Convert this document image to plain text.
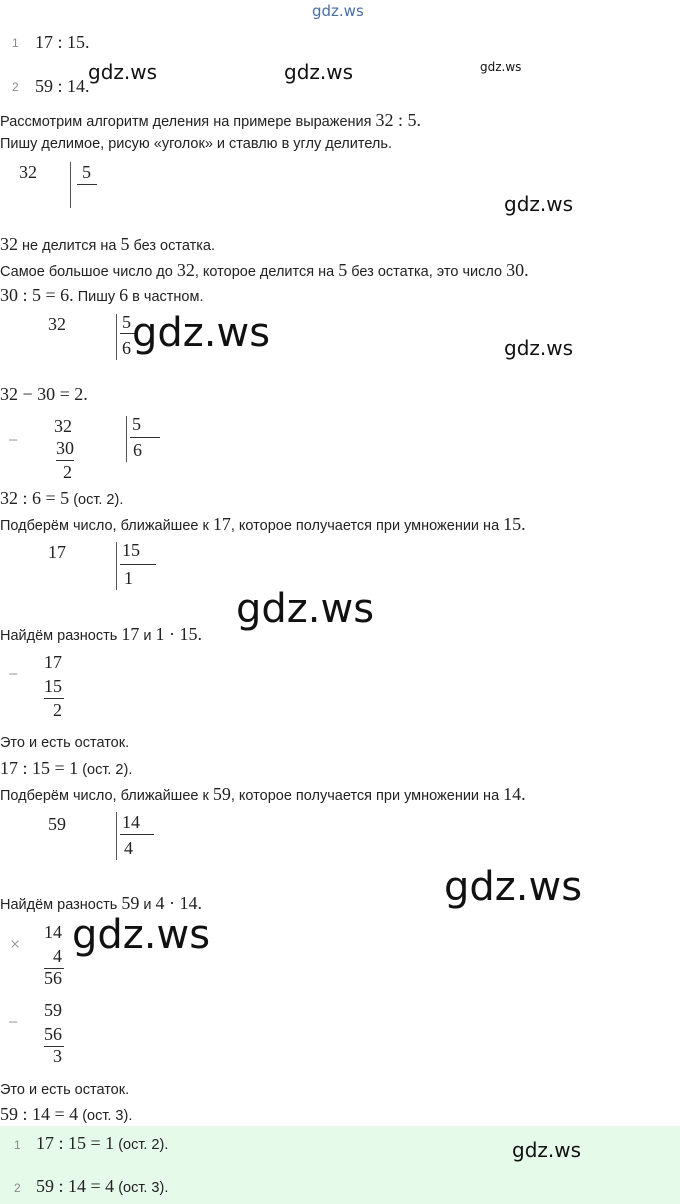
gdz.ws
gdz.ws	gdz.ws	gdz.ws
gdz.ws
gdz.ws
gdz.ws
1 17 : 15.
2 59 : 14.
Рассмотрим алгоритм деления на примере выражения 32 : 5.
Пишу делимое, рисую «уголок» и ставлю в углу делитель.
32	5
32 не делится на 5 без остатка.
Самое большое число до 32, которое делится на 5 без остатка, это число 30.
30 : 5 = 6. Пишу 6 в частном.
32	5
6 gdz.ws
32 − 30 = 2.
−
32
30
2
5
6
32 : 6 = 5 (ост. 2).
Подберём число, ближайшее к 17, которое получается при умножении на 15.
17	15
1
gdz.ws
Найдём разность 17 и 1 · 15.
−
17
15
2
Это и есть остаток.
17 : 15 = 1 (ост. 2).
Подберём число, ближайшее к 59, которое получается при умножении на 14.
59	14
4
gdz.ws
Найдём разность 59 и 4 · 14.
×
14
4
56
gdz.ws
−
59
56
3
Это и есть остаток.
59 : 14 = 4 (ост. 3).
1 17 : 15 = 1 (ост. 2).
2 59 : 14 = 4 (ост. 3).
